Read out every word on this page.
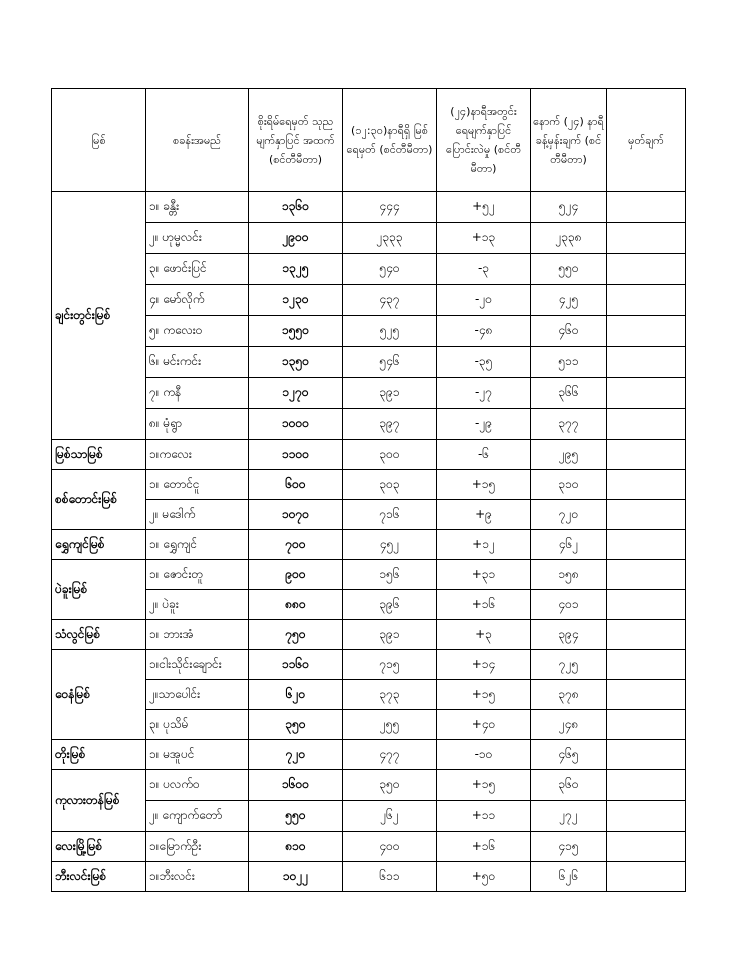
မြစ်	စခန်းအမည်	စိုးရိမ်ရေမှတ် သုညမျက်နှာပြင် အထက် (စင်တီမီတာ)	(၁၂:၃၀)နာရီရှိ မြစ်ရေမှတ် (စင်တီမီတာ)	(၂၄)နာရီအတွင်း ရေမျက်နှာပြင် ပြောင်းလဲမှု (စင်တီမီတာ)	နောက် (၂၄) နာရီ ခန့်မှန်းချက် (စင်တီမီတာ)	မှတ်ချက်
ချင်းတွင်းမြစ်	၁။ ခန္တီး	၁၃၆၀	၄၄၄	+၅၂	၅၂၄	
	၂။ ဟုမ္မလင်း	၂၉၀၀	၂၃၃၃	+၁၃	၂၃၃၈	
	၃။ ဖောင်းပြင်	၁၃၂၅	၅၄၀	-၃	၅၅၀	
	၄။ မော်လိုက်	၁၂၃၀	၄၃၇	-၂၀	၄၂၅	
	၅။ ကလေးဝ	၁၅၅၀	၅၂၅	-၄၈	၄၆၀	
	၆။ မင်းကင်း	၁၃၅၀	၅၄၆	-၃၅	၅၁၁	
	၇။ ကနီ	၁၂၇၀	၃၉၁	-၂၇	၃၆၆	
	၈။ မုံရွာ	၁၀၀၀	၃၉၇	-၂၉	၃၇၇	
မြစ်သာမြစ်	၁။ကလေး	၁၁၀၀	၃၀၀	-၆	၂၉၅	
စစ်တောင်းမြစ်	၁။ တောင်ငူ	၆၀၀	၃၀၃	+၁၅	၃၁၀	
	၂။ မဒေါက်	၁၀၇၀	၇၁၆	+၉	၇၂၀	
ရွှေကျင်မြစ်	၁။ ရွှေကျင်	၇၀၀	၄၅၂	+၁၂	၄၆၂	
ပဲခူးမြစ်	၁။ ဇောင်းတူ	၉၀၀	၁၅၆	+၃၁	၁၅၈	
	၂။ ပဲခူး	၈၈၀	၃၉၆	+၁၆	၄၀၁	
သံလွင်မြစ်	၁။ ဘားအံ	၇၅၀	၃၉၁	+၃	၃၉၄	
ဝေနံမြစ်	၁။ငါးသိုင်းချောင်း	၁၁၆၀	၇၁၅	+၁၄	၇၂၅	
	၂။သာပေါင်း	၆၂၀	၃၇၃	+၁၅	၃၇၈	
	၃။ ပုသိမ်	၃၅၀	၂၅၅	+၄၀	၂၄၈	
တိုးမြစ်	၁။ မအူပင်	၇၂၀	၄၇၇	-၁၀	၄၆၅	
ကုလားတန်မြစ်	၁။ ပလက်ဝ	၁၆၀၀	၃၅၀	+၁၅	၃၆၀	
	၂။ ကျောက်တော်	၅၅၀	၂၆၂	+၁၁	၂၇၂	
လေးမြို့မြစ်	၁။မြောက်ဦး	၈၁၀	၄၀၀	+၁၆	၄၁၅	
ဘီးလင်းမြစ်	၁။ဘီးလင်း	၁၀၂၂	၆၁၁	+၅၀	၆၂၆	
